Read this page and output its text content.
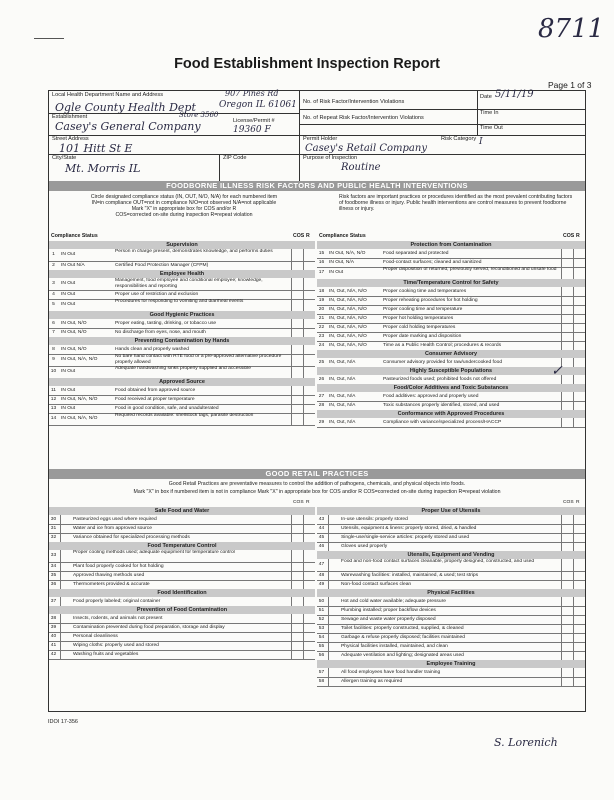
8711
Food Establishment Inspection Report
Page 1 of 3
Local Health Department Name and Address	907 Pines Rd
Ogle County Health Dept	Oregon IL 61061
Establishment	Store 3560
License/Permit #
Casey's General Company	19360 F
Street Address
101 Hitt St E
City/State	ZIP Code
Mt. Morris IL
No. of Risk Factor/Intervention Violations
No. of Repeat Risk Factor/Intervention Violations
Date 5/11/19
Time In
Time Out
Permit Holder	Risk Category I
Casey's Retail Company
Purpose of Inspection
Routine
FOODBORNE ILLNESS RISK FACTORS AND PUBLIC HEALTH INTERVENTIONS
Circle designated compliance status (IN, OUT, N/O, N/A) for each numbered item
IN=in compliance OUT=not in compliance N/O=not observed N/A=not applicable
Mark "X" in appropriate box for COS and/or R
COS=corrected on-site during inspection R=repeat violation
Risk factors are important practices or procedures identified as the most prevalent contributing factors of foodborne illness or injury. Public health interventions are control measures to prevent foodborne illness or injury.
Compliance Status	COS R
Supervision
1	IN Out
Person in charge present, demonstrates knowledge, and performs duties
2	IN Out N/A	Certified Food Protection Manager (CFPM)
Employee Health
3	IN Out
Management, food employee and conditional employee; knowledge, responsibilities and reporting
4	IN Out	Proper use of restriction and exclusion
5	IN Out
Procedures for responding to vomiting and diarrheal events
Good Hygienic Practices
6	IN Out, N/O	Proper eating, tasting, drinking, or tobacco use
7	IN Out, N/O	No discharge from eyes, nose, and mouth
Preventing Contamination by Hands
8	IN Out, N/O	Hands clean and properly washed
9	IN Out, N/A, N/O
No bare hand contact with RTE food or a pre-approved alternative procedure properly allowed
10 IN Out
Adequate handwashing sinks properly supplied and accessible
Approved Source
11	IN Out	Food obtained from approved source
12 IN Out, N/A, N/O	Food received at proper temperature
13 IN Out	Food in good condition, safe, and unadulterated
14 IN Out, N/A, N/O
Required records available: shellstock tags, parasite destruction
Compliance Status	COS R
Protection from Contamination
15 IN Out, N/A, N/O	Food separated and protected
16 IN Out, N/A	Food-contact surfaces; cleaned and sanitized
17 IN Out
Proper disposition of returned, previously served, reconditioned and unsafe food
Time/Temperature Control for Safety
18 IN, Out, N/A, N/O	Proper cooking time and temperatures
19 IN, Out, N/A, N/O	Proper reheating procedures for hot holding
20 IN, Out, N/A, N/O	Proper cooling time and temperature
21 IN, Out, N/A, N/O	Proper hot holding temperatures
22 IN, Out, N/A, N/O	Proper cold holding temperatures
23 IN, Out, N/A, N/O	Proper date marking and disposition
24 IN, Out, N/A, N/O	Time as a Public Health Control; procedures & records
Consumer Advisory
25 IN, Out, N/A	Consumer advisory provided for raw/undercooked food
Highly Susceptible Populations
26 IN, Out, N/A	Pasteurized foods used; prohibited foods not offered
Food/Color Additives and Toxic Substances
27 IN, Out, N/A	Food additives: approved and properly used
28 IN, Out, N/A	Toxic substances properly identified, stored, and used
Conformance with Approved Procedures
29 IN, Out, N/A	Compliance with variance/specialized process/HACCP
GOOD RETAIL PRACTICES
Good Retail Practices are preventative measures to control the addition of pathogens, chemicals, and physical objects into foods.
Mark "X" in box if numbered item is not in compliance Mark "X" in appropriate box for COS and/or R COS=corrected on-site during inspection R=repeat violation
COS R
Safe Food and Water
30	Pasteurized eggs used where required
31	Water and ice from approved source
32	Variance obtained for specialized processing methods
Food Temperature Control
33
Proper cooling methods used; adequate equipment for temperature control
34	Plant food properly cooked for hot holding
35	Approved thawing methods used
36	Thermometers provided & accurate
Food Identification
37	Food properly labeled; original container
Prevention of Food Contamination
38	Insects, rodents, and animals not present
39	Contamination prevented during food preparation, storage and display
40	Personal cleanliness
41	Wiping cloths: properly used and stored
42	Washing fruits and vegetables
COS R
Proper Use of Utensils
43	In-use utensils: properly stored
44	Utensils, equipment & linens: properly stored, dried, & handled
45	Single-use/single-service articles: properly stored and used
46	Gloves used properly
Utensils, Equipment and Vending
47
Food and non-food contact surfaces cleanable, properly designed, constructed, and used
48	Warewashing facilities: installed, maintained, & used; test strips
49	Non-food contact surfaces clean
Physical Facilities
50	Hot and cold water available; adequate pressure
51	Plumbing installed; proper backflow devices
52	Sewage and waste water properly disposed
53	Toilet facilities: properly constructed, supplied, & cleaned
54	Garbage & refuse properly disposed; facilities maintained
55	Physical facilities installed, maintained, and clean
56	Adequate ventilation and lighting; designated areas used
Employee Training
57	All food employees have food handler training
58	Allergen training as required
✓
IDOI 17-356
S. Lorenich
